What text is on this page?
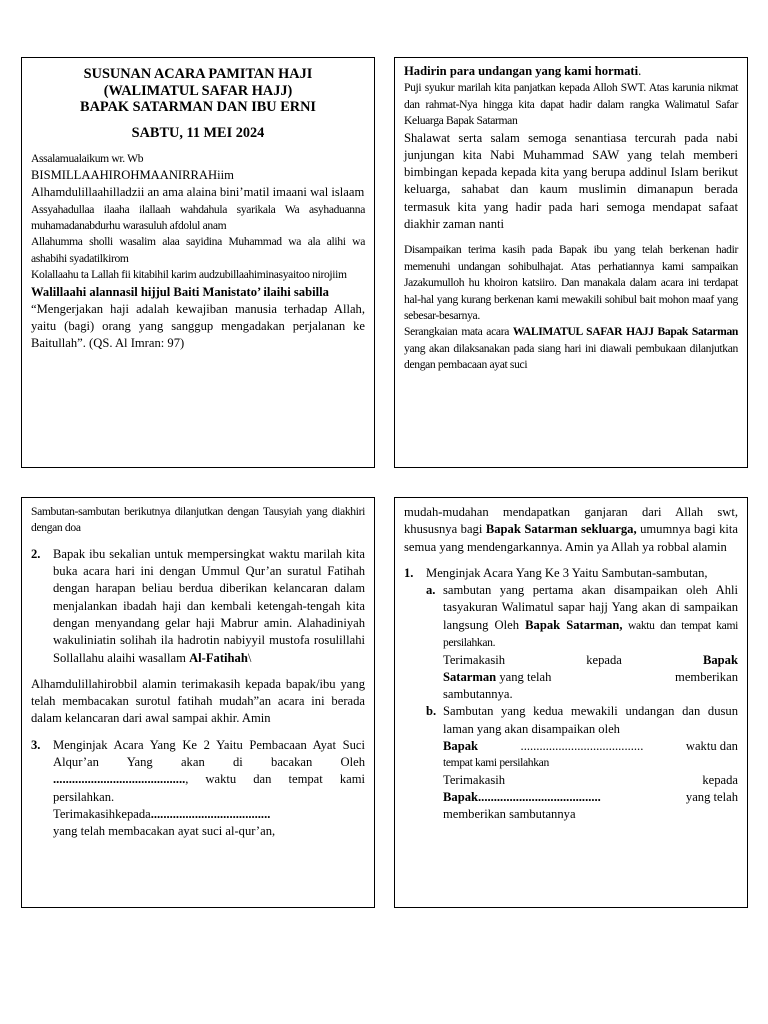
SUSUNAN ACARA PAMITAN HAJI

(WALIMATUL SAFAR HAJJ)

BAPAK SATARMAN DAN IBU ERNI

SABTU, 11 MEI 2024

Assalamualaikum wr. Wb

BISMILLAAHIROHMAANIRRAHiim

Alhamdulillaahilladzii an ama alaina bini’matil imaani wal islaam

Assyahadullaa ilaaha ilallaah wahdahula syarikala Wa asyhaduanna muhamadanabdurhu warasuluh afdolul anam

Allahumma sholli wasalim alaa sayidina Muhammad wa ala alihi wa ashabihi syadatilkirom

Kolallaahu ta Lallah fii kitabihil karim audzubillaahiminasyaitoo nirojiim

Walillaahi alannasil hijjul Baiti Manistato’ ilaihi sabilla

“Mengerjakan haji adalah kewajiban manusia terhadap Allah, yaitu (bagi) orang yang sanggup mengadakan perjalanan ke Baitullah”. (QS. Al Imran: 97)

Hadirin para undangan yang kami hormati.

Puji syukur marilah kita panjatkan kepada Alloh SWT. Atas karunia nikmat dan rahmat-Nya hingga kita dapat hadir dalam rangka Walimatul Safar Keluarga Bapak Satarman

Shalawat serta salam semoga senantiasa tercurah pada nabi junjungan kita Nabi Muhammad SAW yang telah memberi bimbingan kepada kepada kita yang berupa addinul Islam berikut keluarga, sahabat dan kaum muslimin dimanapun berada termasuk kita yang hadir pada hari semoga mendapat safaat diakhir zaman nanti

Disampaikan terima kasih pada Bapak ibu yang telah berkenan hadir memenuhi undangan sohibulhajat. Atas perhatiannya kami sampaikan Jazakumulloh hu khoiron katsiiro. Dan manakala dalam acara ini terdapat hal-hal yang kurang berkenan kami mewakili sohibul bait mohon maaf yang sebesar-besarnya.

Serangkaian mata acara WALIMATUL SAFAR HAJJ Bapak Satarman yang akan dilaksanakan pada siang hari ini diawali pembukaan dilanjutkan dengan pembacaan ayat suci

Sambutan-sambutan berikutnya dilanjutkan dengan Tausyiah yang diakhiri dengan doa

2. Bapak ibu sekalian untuk mempersingkat waktu marilah kita buka acara hari ini dengan Ummul Qur’an suratul Fatihah dengan harapan beliau berdua diberikan kelancaran dalam menjalankan ibadah haji dan kembali ketengah-tengah kita dengan menyandang gelar haji Mabrur amin. Alahadiniyah wakuliniatin solihah ila hadrotin nabiyyil mustofa rosulillahi Sollallahu alaihi wasallam Al-Fatihah\

Alhamdulillahirobbil alamin terimakasih kepada bapak/ibu yang telah membacakan surotul fatihah mudah”an acara ini berada dalam kelancaran dari awal sampai akhir. Amin

3. Menginjak Acara Yang Ke 2 Yaitu Pembacaan Ayat Suci Alqur’an Yang akan di bacakan Oleh .........................................., waktu dan tempat kami persilahkan.

Terimakasihkepada......................................

yang telah membacakan ayat suci al-qur’an,

mudah-mudahan mendapatkan ganjaran dari Allah swt, khususnya bagi Bapak Satarman sekluarga, umumnya bagi kita semua yang mendengarkannya. Amin ya Allah ya robbal alamin

1. Menginjak Acara Yang Ke 3 Yaitu Sambutan-sambutan,

a. sambutan yang pertama akan disampaikan oleh Ahli tasyakuran Walimatul sapar hajj Yang akan di sampaikan langsung Oleh Bapak Satarman, waktu dan tempat kami persilahkan.

Terimakasih	kepada	Bapak

Satarman yang telah	memberikan

sambutannya.

b. Sambutan yang kedua mewakili undangan dan dusun laman yang akan disampaikan oleh

Bapak	.......................................	waktu dan

tempat kami persilahkan

Terimakasih	kepada

Bapak.......................................	yang telah

memberikan sambutannya
